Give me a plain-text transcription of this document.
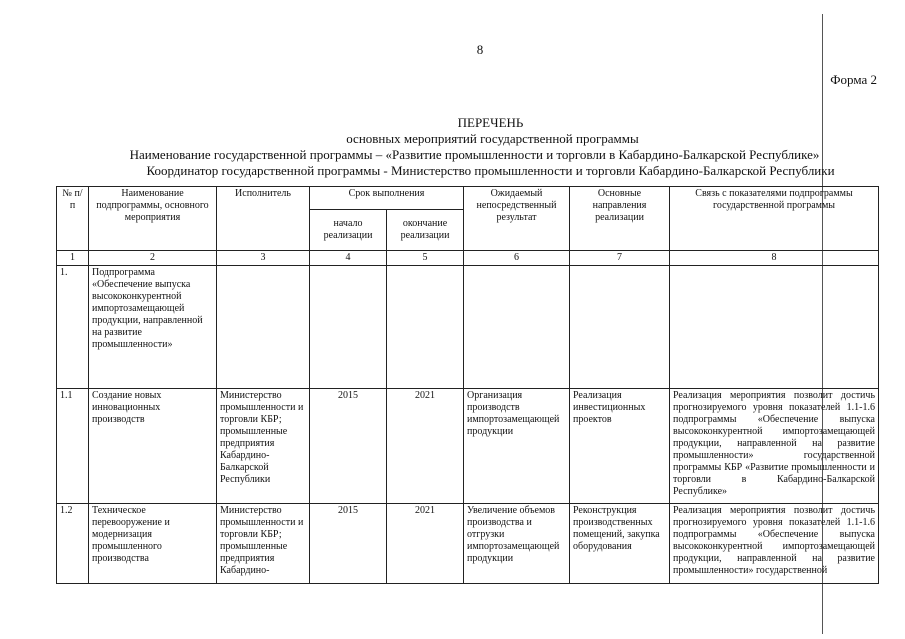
8
Форма 2
ПЕРЕЧЕНЬ
основных мероприятий государственной программы
Наименование государственной программы – «Развитие промышленности и торговли в Кабардино-Балкарской Республике»
Координатор государственной программы - Министерство промышленности и торговли Кабардино-Балкарской Республики
№ п/п	Наименование подпрограммы, основного мероприятия	Исполнитель	Срок выполнения		Ожидаемый непосредственный результат	Основные направления реализации	Связь с показателями подпрограммы государственной программы
			начало реализации	окончание реализации			
1	2	3	4	5	6	7	8
1.	Подпрограмма «Обеспечение выпуска высококонкурентной импортозамещающей продукции, направленной на развитие промышленности»						
1.1	Создание новых инновационных производств	Министерство промышленности и торговли КБР; промышленные предприятия Кабардино-Балкарской Республики	2015	2021	Организация производств импортозамещающей продукции	Реализация инвестиционных проектов	Реализация мероприятия позволит достичь прогнозируемого уровня показателей 1.1-1.6 подпрограммы «Обеспечение выпуска высококонкурентной импортозамещающей продукции, направленной на развитие промышленности» государственной программы КБР «Развитие промышленности и торговли в Кабардино-Балкарской Республике»
1.2	Техническое перевооружение и модернизация промышленного производства	Министерство промышленности и торговли КБР; промышленные предприятия Кабардино-	2015	2021	Увеличение объемов производства и отгрузки импортозамещающей продукции	Реконструкция производственных помещений, закупка оборудования	Реализация мероприятия позволит достичь прогнозируемого уровня показателей 1.1-1.6 подпрограммы «Обеспечение выпуска высококонкурентной импортозамещающей продукции, направленной на развитие промышленности» государственной
